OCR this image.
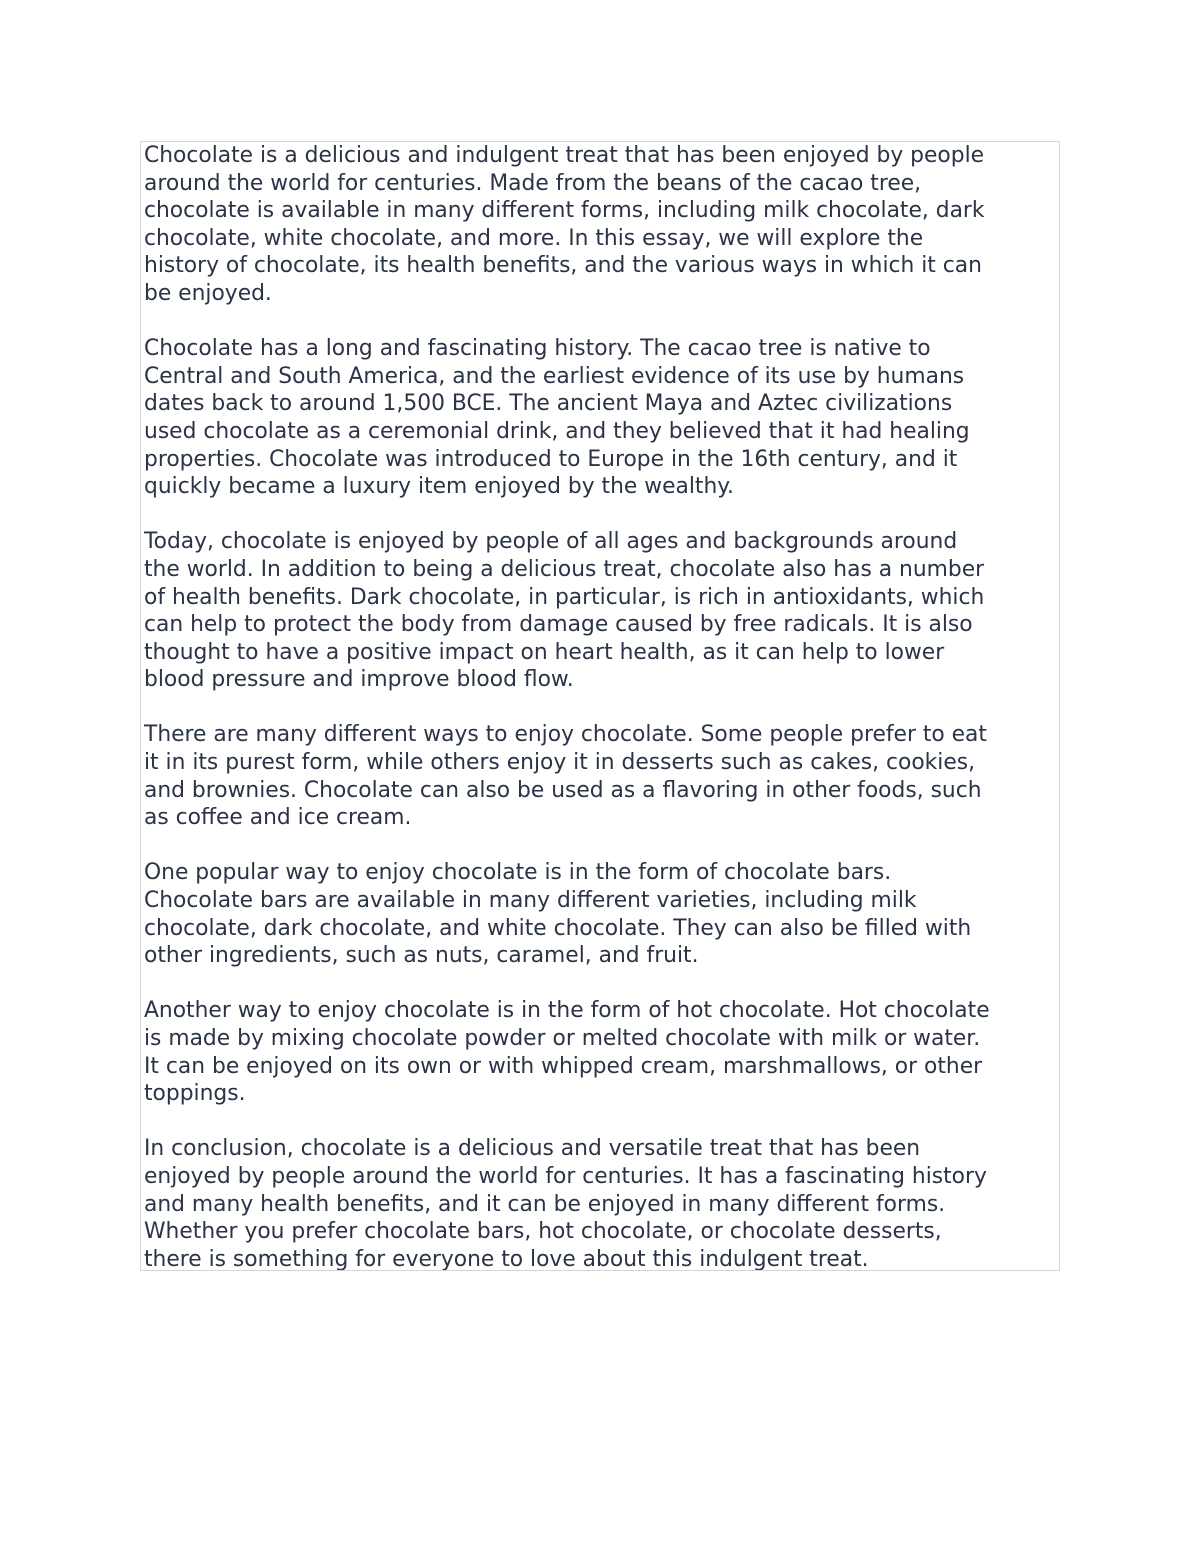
Chocolate is a delicious and indulgent treat that has been enjoyed by people
around the world for centuries. Made from the beans of the cacao tree,
chocolate is available in many different forms, including milk chocolate, dark
chocolate, white chocolate, and more. In this essay, we will explore the
history of chocolate, its health benefits, and the various ways in which it can
be enjoyed.

Chocolate has a long and fascinating history. The cacao tree is native to
Central and South America, and the earliest evidence of its use by humans
dates back to around 1,500 BCE. The ancient Maya and Aztec civilizations
used chocolate as a ceremonial drink, and they believed that it had healing
properties. Chocolate was introduced to Europe in the 16th century, and it
quickly became a luxury item enjoyed by the wealthy.

Today, chocolate is enjoyed by people of all ages and backgrounds around
the world. In addition to being a delicious treat, chocolate also has a number
of health benefits. Dark chocolate, in particular, is rich in antioxidants, which
can help to protect the body from damage caused by free radicals. It is also
thought to have a positive impact on heart health, as it can help to lower
blood pressure and improve blood flow.

There are many different ways to enjoy chocolate. Some people prefer to eat
it in its purest form, while others enjoy it in desserts such as cakes, cookies,
and brownies. Chocolate can also be used as a flavoring in other foods, such
as coffee and ice cream.

One popular way to enjoy chocolate is in the form of chocolate bars.
Chocolate bars are available in many different varieties, including milk
chocolate, dark chocolate, and white chocolate. They can also be filled with
other ingredients, such as nuts, caramel, and fruit.

Another way to enjoy chocolate is in the form of hot chocolate. Hot chocolate
is made by mixing chocolate powder or melted chocolate with milk or water.
It can be enjoyed on its own or with whipped cream, marshmallows, or other
toppings.

In conclusion, chocolate is a delicious and versatile treat that has been
enjoyed by people around the world for centuries. It has a fascinating history
and many health benefits, and it can be enjoyed in many different forms.
Whether you prefer chocolate bars, hot chocolate, or chocolate desserts,
there is something for everyone to love about this indulgent treat.
